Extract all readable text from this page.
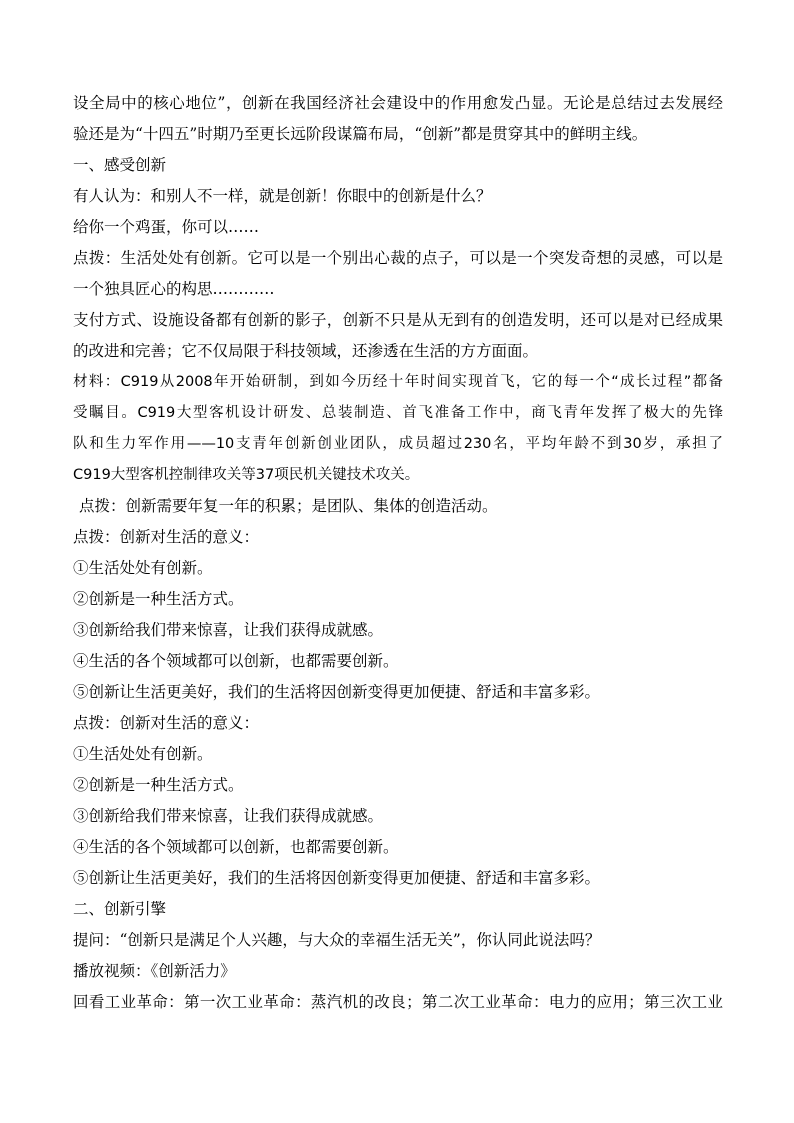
设全局中的核心地位”，创新在我国经济社会建设中的作用愈发凸显。无论是总结过去发展经
验还是为“十四五”时期乃至更长远阶段谋篇布局，“创新”都是贯穿其中的鲜明主线。
一、感受创新
有人认为：和别人不一样，就是创新！你眼中的创新是什么？
给你一个鸡蛋，你可以……
点拨：生活处处有创新。它可以是一个别出心裁的点子，可以是一个突发奇想的灵感，可以是
一个独具匠心的构思…………
支付方式、设施设备都有创新的影子，创新不只是从无到有的创造发明，还可以是对已经成果
的改进和完善；它不仅局限于科技领域，还渗透在生活的方方面面。
材料：C919从2008年开始研制，到如今历经十年时间实现首飞，它的每一个“成长过程”都备
受瞩目。C919大型客机设计研发、总装制造、首飞准备工作中，商飞青年发挥了极大的先锋
队和生力军作用——10支青年创新创业团队，成员超过230名，平均年龄不到30岁，承担了
C919大型客机控制律攻关等37项民机关键技术攻关。
点拨：创新需要年复一年的积累；是团队、集体的创造活动。
点拨：创新对生活的意义：
①生活处处有创新。
②创新是一种生活方式。
③创新给我们带来惊喜，让我们获得成就感。
④生活的各个领域都可以创新，也都需要创新。
⑤创新让生活更美好，我们的生活将因创新变得更加便捷、舒适和丰富多彩。
点拨：创新对生活的意义：
①生活处处有创新。
②创新是一种生活方式。
③创新给我们带来惊喜，让我们获得成就感。
④生活的各个领域都可以创新，也都需要创新。
⑤创新让生活更美好，我们的生活将因创新变得更加便捷、舒适和丰富多彩。
二、创新引擎
提问：“创新只是满足个人兴趣，与大众的幸福生活无关”，你认同此说法吗？
播放视频：《创新活力》
回看工业革命：第一次工业革命：蒸汽机的改良；第二次工业革命：电力的应用；第三次工业
